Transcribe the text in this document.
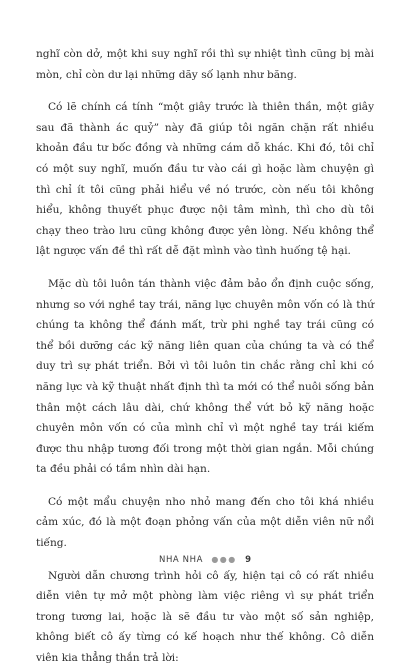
nghĩ còn dở, một khi suy nghĩ rồi thì sự nhiệt tình cũng bị mài mòn, chỉ còn dư lại những dãy số lạnh như băng.

Có lẽ chính cá tính “một giây trước là thiên thần, một giây sau đã thành ác quỷ” này đã giúp tôi ngăn chặn rất nhiều khoản đầu tư bốc đồng và những cám dỗ khác. Khi đó, tôi chỉ có một suy nghĩ, muốn đầu tư vào cái gì hoặc làm chuyện gì thì chỉ ít tôi cũng phải hiểu về nó trước, còn nếu tôi không hiểu, không thuyết phục được nội tâm mình, thì cho dù tôi chạy theo trào lưu cũng không được yên lòng. Nếu không thể lật ngược vấn đề thì rất dễ đặt mình vào tình huống tệ hại.

Mặc dù tôi luôn tán thành việc đảm bảo ổn định cuộc sống, nhưng so với nghề tay trái, năng lực chuyên môn vốn có là thứ chúng ta không thể đánh mất, trừ phi nghề tay trái cũng có thể bồi dưỡng các kỹ năng liên quan của chúng ta và có thể duy trì sự phát triển. Bởi vì tôi luôn tin chắc rằng chỉ khi có năng lực và kỹ thuật nhất định thì ta mới có thể nuôi sống bản thân một cách lâu dài, chứ không thể vứt bỏ kỹ năng hoặc chuyên môn vốn có của mình chỉ vì một nghề tay trái kiếm được thu nhập tương đối trong một thời gian ngắn. Mỗi chúng ta đều phải có tầm nhìn dài hạn.

Có một mẩu chuyện nho nhỏ mang đến cho tôi khá nhiều cảm xúc, đó là một đoạn phỏng vấn của một diễn viên nữ nổi tiếng.

Người dẫn chương trình hỏi cô ấy, hiện tại cô có rất nhiều diễn viên tự mở một phòng làm việc riêng vì sự phát triển trong tương lai, hoặc là sẽ đầu tư vào một số sản nghiệp, không biết cô ấy từng có kế hoạch như thế không. Cô diễn viên kia thẳng thắn trả lời:

NHA NHA ●●● 9
